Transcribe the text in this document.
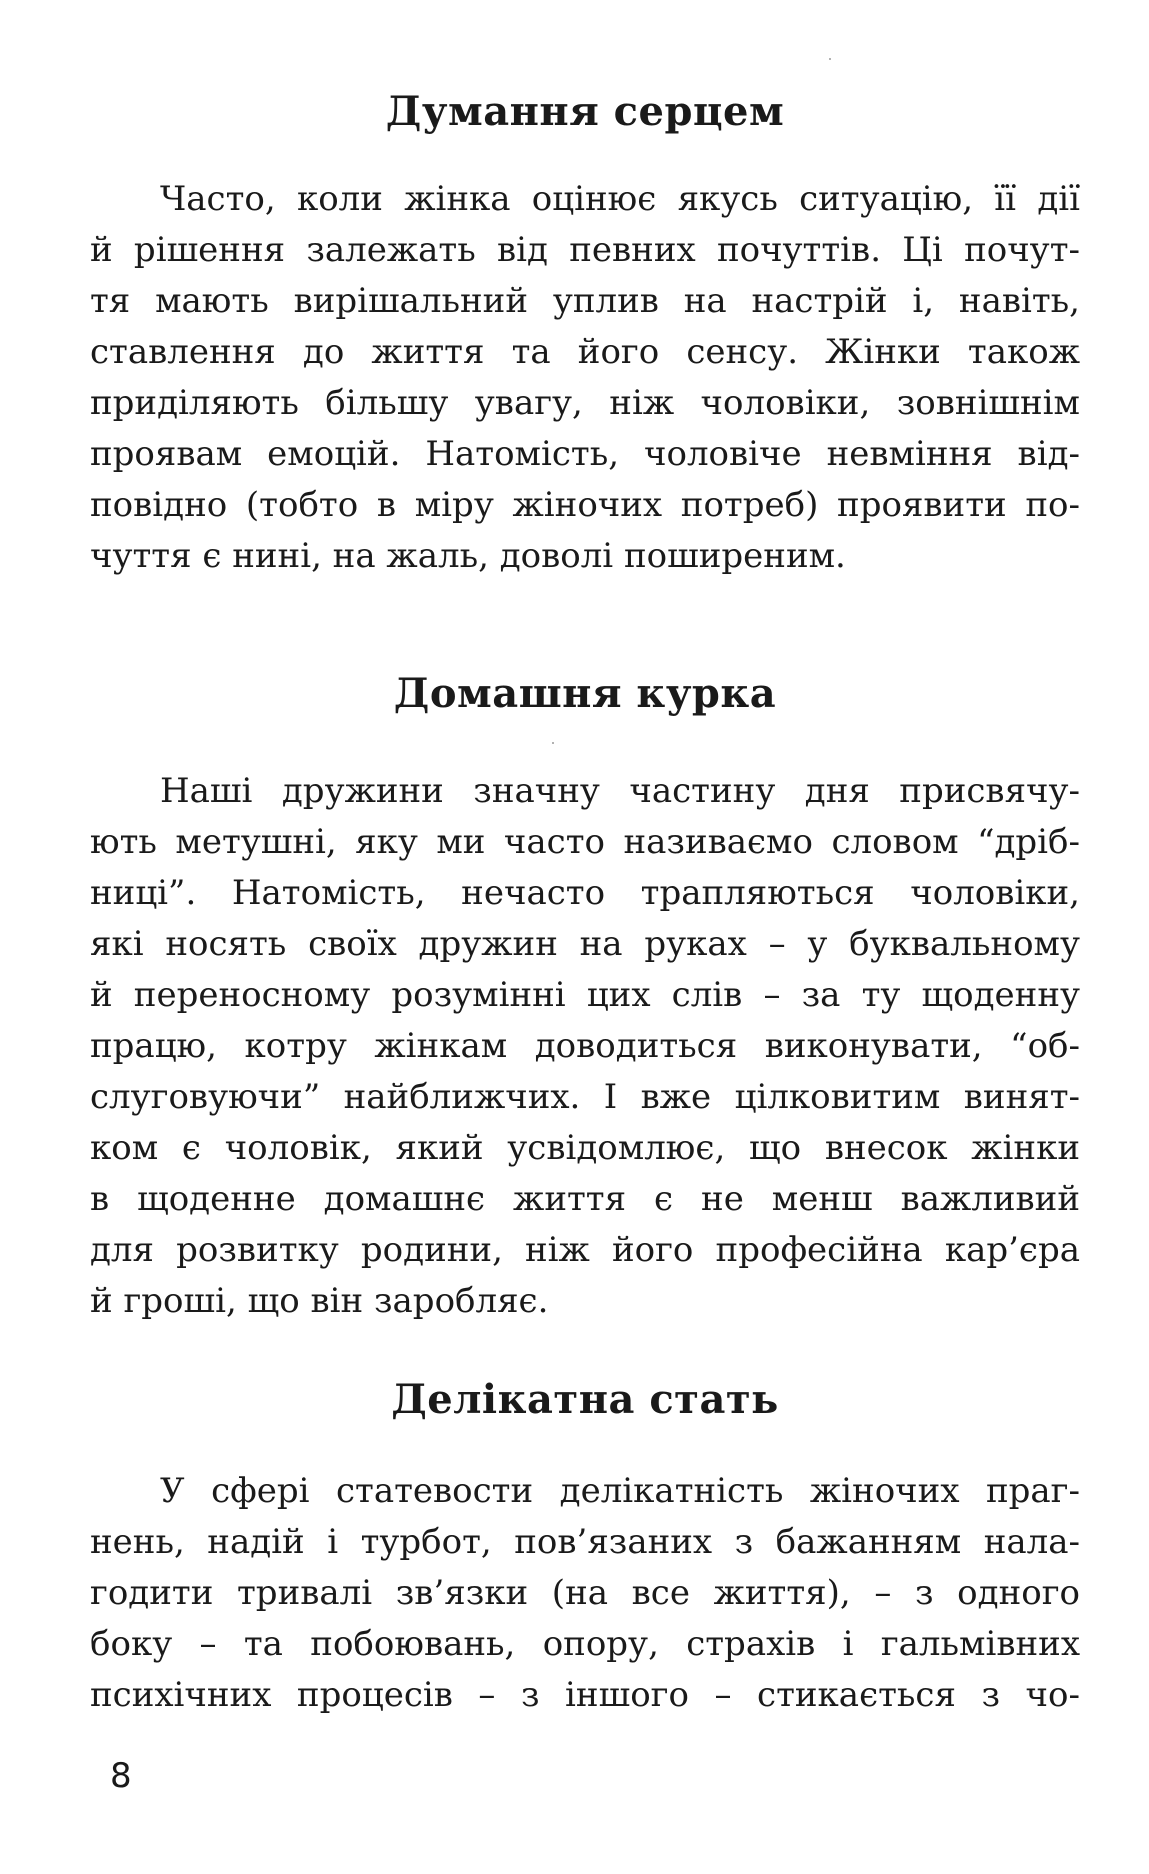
Думання серцем

Часто, коли жінка оцінює якусь ситуацію, її дії
й рішення залежать від певних почуттів. Ці почут-
тя мають вирішальний уплив на настрій і, навіть,
ставлення до життя та його сенсу. Жінки також
приділяють більшу увагу, ніж чоловіки, зовнішнім
проявам емоцій. Натомість, чоловіче невміння від-
повідно (тобто в міру жіночих потреб) проявити по-
чуття є нині, на жаль, доволі поширеним.

Домашня курка

Наші дружини значну частину дня присвячу-
ють метушні, яку ми часто називаємо словом “дріб-
ниці”. Натомість, нечасто трапляються чоловіки,
які носять своїх дружин на руках – у буквальному
й переносному розумінні цих слів – за ту щоденну
працю, котру жінкам доводиться виконувати, “об-
слуговуючи” найближчих. І вже цілковитим винят-
ком є чоловік, який усвідомлює, що внесок жінки
в щоденне домашнє життя є не менш важливий
для розвитку родини, ніж його професійна кар’єра
й гроші, що він заробляє.

Делікатна стать

У сфері статевости делікатність жіночих праг-
нень, надій і турбот, пов’язаних з бажанням нала-
годити тривалі зв’язки (на все життя), – з одного
боку – та побоювань, опору, страхів і гальмівних
психічних процесів – з іншого – стикається з чо-

8
